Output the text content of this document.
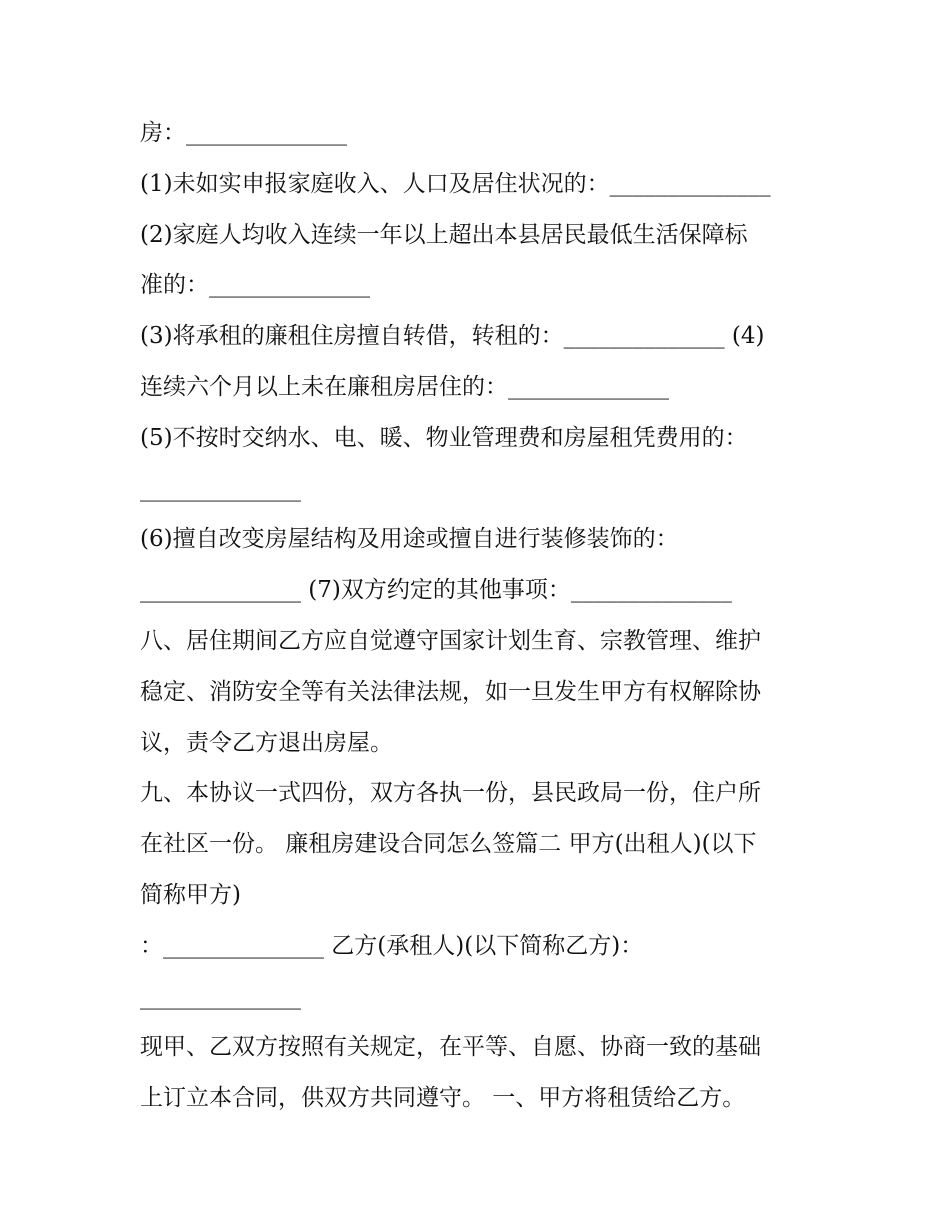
房：______________
(1)未如实申报家庭收入、人口及居住状况的：______________
(2)家庭人均收入连续一年以上超出本县居民最低生活保障标
准的：______________
(3)将承租的廉租住房擅自转借，转租的：______________ (4)
连续六个月以上未在廉租房居住的：______________
(5)不按时交纳水、电、暖、物业管理费和房屋租凭费用的：
______________
(6)擅自改变房屋结构及用途或擅自进行装修装饰的：
______________ (7)双方约定的其他事项：______________
八、居住期间乙方应自觉遵守国家计划生育、宗教管理、维护
稳定、消防安全等有关法律法规，如一旦发生甲方有权解除协
议，责令乙方退出房屋。
九、本协议一式四份，双方各执一份，县民政局一份，住户所
在社区一份。 廉租房建设合同怎么签篇二 甲方(出租人)(以下
简称甲方)
：______________ 乙方(承租人)(以下简称乙方)：
______________
现甲、乙双方按照有关规定，在平等、自愿、协商一致的基础
上订立本合同，供双方共同遵守。 一、甲方将租赁给乙方。
